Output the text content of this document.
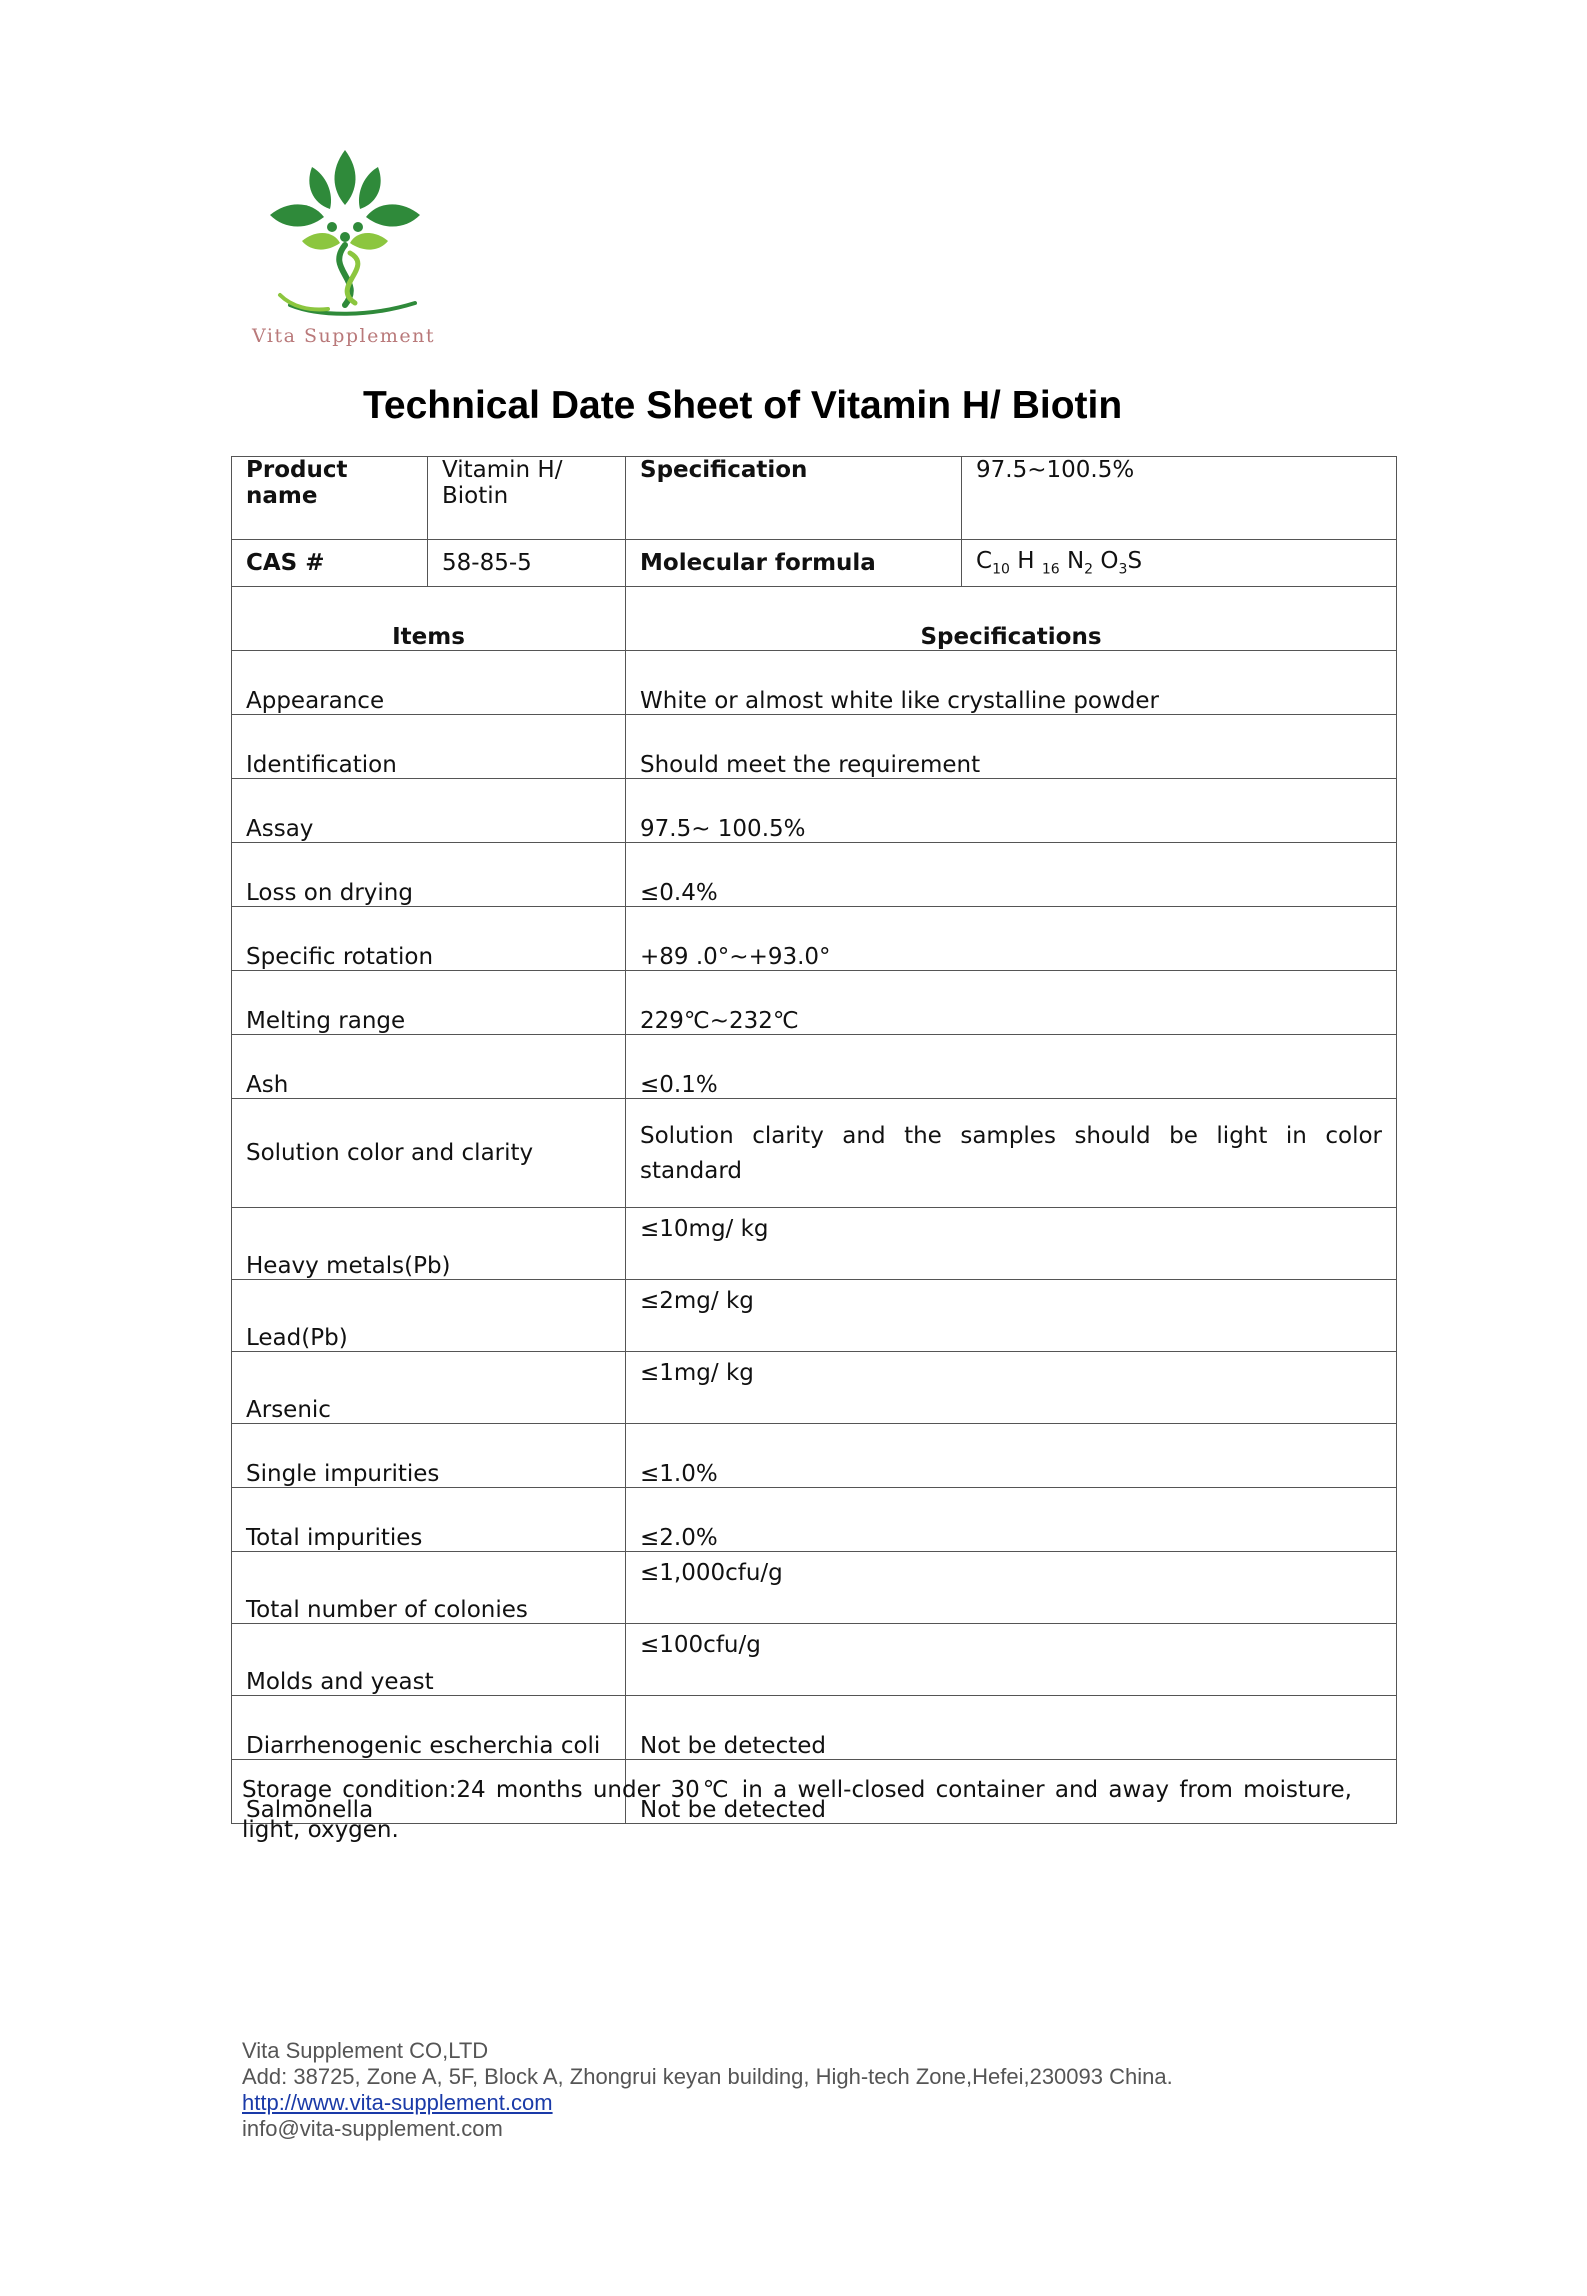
Vita Supplement
Technical Date Sheet of Vitamin H/ Biotin
Product name	Vitamin H/ Biotin	Specification	97.5~100.5%
CAS #	58-85-5	Molecular formula	$C_{10}$ H $_{16}$ $N_2$ $O_3S$
Items		Specifications	
Appearance		White or almost white like crystalline powder	
Identification		Should meet the requirement	
Assay		97.5~ 100.5%	
Loss on drying		≤0.4%	
Specific rotation		+89 .0°~+93.0°	
Melting range		229℃~232℃	
Ash		≤0.1%	
Solution color and clarity		Solution clarity and the samples should be light in color standard	
Heavy metals(Pb)		≤10mg/ kg	
Lead(Pb)		≤2mg/ kg	
Arsenic		≤1mg/ kg	
Single impurities		≤1.0%	
Total impurities		≤2.0%	
Total number of colonies		≤1,000cfu/g	
Molds and yeast		≤100cfu/g	
Diarrhenogenic escherchia coli		Not be detected	
Salmonella		Not be detected	
Storage condition:24 months under 30℃ in a well-closed container and away from moisture, light, oxygen.
Vita Supplement CO,LTD
Add: 38725, Zone A, 5F, Block A, Zhongrui keyan building, High-tech Zone,Hefei,230093 China.
http://www.vita-supplement.com
info@vita-supplement.com
